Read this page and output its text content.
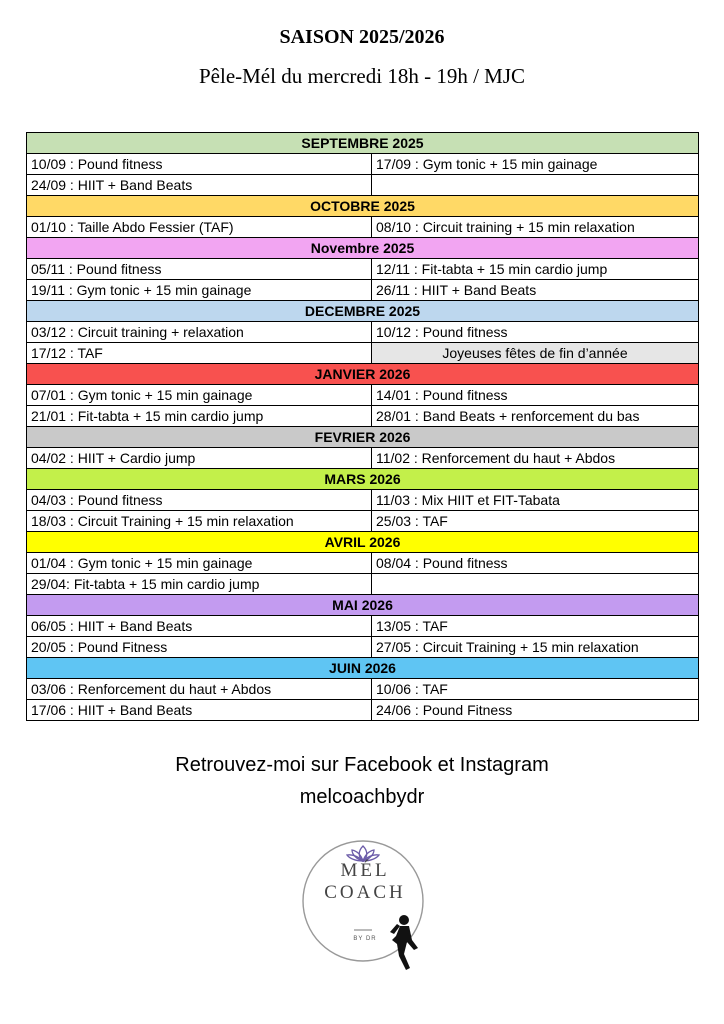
SAISON 2025/2026
Pêle-Mél du mercredi 18h - 19h / MJC
SEPTEMBRE 2025	
10/09 : Pound fitness	17/09 : Gym tonic + 15 min gainage
24/09 : HIIT + Band Beats	
OCTOBRE 2025	
01/10 : Taille Abdo Fessier (TAF)	08/10 : Circuit training + 15 min relaxation
Novembre 2025	
05/11 : Pound fitness	12/11 : Fit-tabta + 15 min cardio jump
19/11 : Gym tonic + 15 min gainage	26/11 : HIIT + Band Beats
DECEMBRE 2025	
03/12 : Circuit training + relaxation	10/12 : Pound fitness
17/12 : TAF	Joyeuses fêtes de fin d’année
JANVIER 2026	
07/01 : Gym tonic + 15 min gainage	14/01 : Pound fitness
21/01 : Fit-tabta + 15 min cardio jump	28/01 : Band Beats + renforcement du bas
FEVRIER 2026	
04/02 : HIIT + Cardio jump	11/02 : Renforcement du haut + Abdos
MARS 2026	
04/03 : Pound fitness	11/03 : Mix HIIT et FIT-Tabata
18/03 : Circuit Training + 15 min relaxation	25/03 : TAF
AVRIL 2026	
01/04 : Gym tonic + 15 min gainage	08/04 : Pound fitness
29/04: Fit-tabta + 15 min cardio jump	
MAI 2026	
06/05 : HIIT + Band Beats	13/05 : TAF
20/05 : Pound Fitness	27/05 : Circuit Training + 15 min relaxation
JUIN 2026	
03/06 : Renforcement du haut + Abdos	10/06 : TAF
17/06 : HIIT + Band Beats	24/06 : Pound Fitness
Retrouvez-moi sur Facebook et Instagram
melcoachbydr
MÉL
COACH
BY DR
